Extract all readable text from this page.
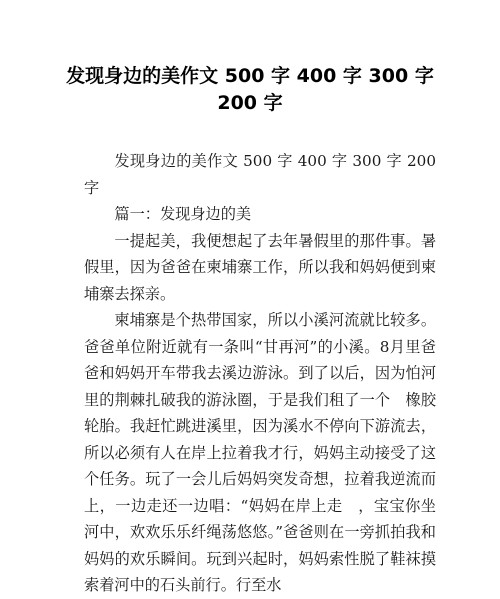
发现身边的美作文 500 字 400 字 300 字 200 字

发现身边的美作文 500 字 400 字 300 字 200 字

篇一：发现身边的美

一提起美，我便想起了去年暑假里的那件事。暑假里，因为爸爸在柬埔寨工作，所以我和妈妈便到柬埔寨去探亲。

柬埔寨是个热带国家，所以小溪河流就比较多。爸爸单位附近就有一条叫“甘再河”的小溪。8月里爸爸和妈妈开车带我去溪边游泳。到了以后，因为怕河里的荆棘扎破我的游泳圈，于是我们租了一个　橡胶轮胎。我赶忙跳进溪里，因为溪水不停向下游流去，所以必须有人在岸上拉着我才行，妈妈主动接受了这个任务。玩了一会儿后妈妈突发奇想，拉着我逆流而上，一边走还一边唱：“妈妈在岸上走　，宝宝你坐河中，欢欢乐乐纤绳荡悠悠。”爸爸则在一旁抓拍我和妈妈的欢乐瞬间。玩到兴起时，妈妈索性脱了鞋袜摸索着河中的石头前行。行至水
